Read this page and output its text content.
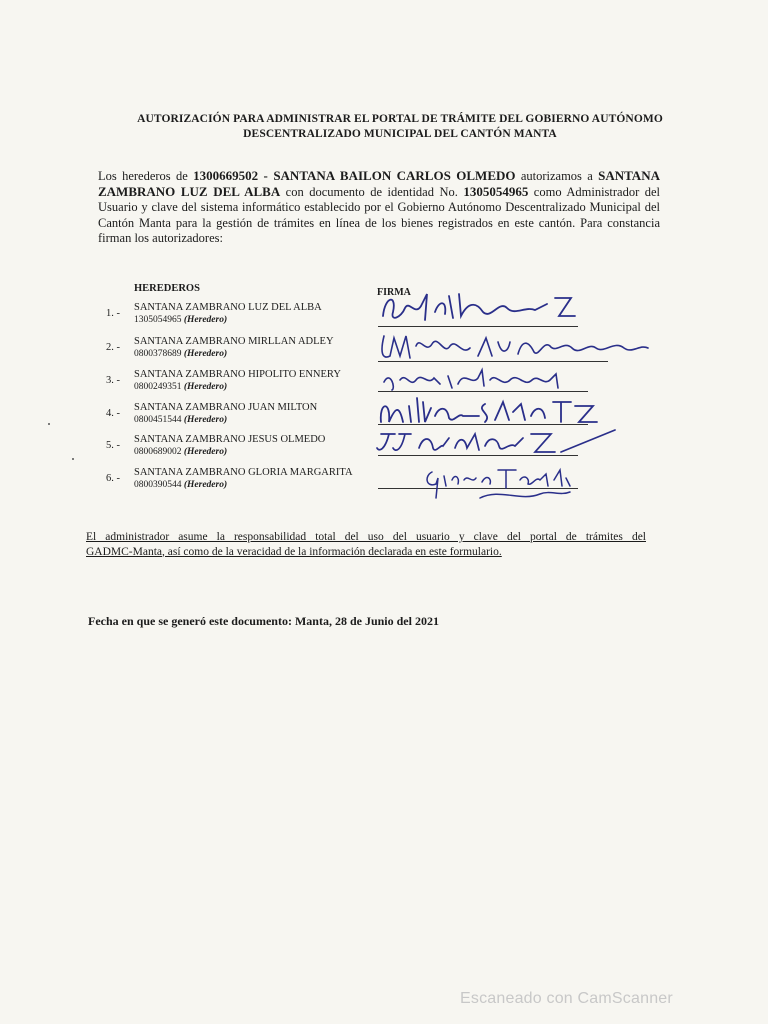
AUTORIZACIÓN PARA ADMINISTRAR EL PORTAL DE TRÁMITE DEL GOBIERNO AUTÓNOMO
DESCENTRALIZADO MUNICIPAL DEL CANTÓN MANTA
Los herederos de 1300669502 - SANTANA BAILON CARLOS OLMEDO autorizamos a SANTANA ZAMBRANO LUZ DEL ALBA con documento de identidad No. 1305054965 como Administrador del Usuario y clave del sistema informático establecido por el Gobierno Autónomo Descentralizado Municipal del Cantón Manta para la gestión de trámites en línea de los bienes registrados en este cantón. Para constancia firman los autorizadores:
HEREDEROS	FIRMA
1. -
SANTANA ZAMBRANO LUZ DEL ALBA
1305054965 (Heredero)
2. -
SANTANA ZAMBRANO MIRLLAN ADLEY
0800378689 (Heredero)
3. -
SANTANA ZAMBRANO HIPOLITO ENNERY
0800249351 (Heredero)
4. -
SANTANA ZAMBRANO JUAN MILTON
0800451544 (Heredero)
5. -
SANTANA ZAMBRANO JESUS OLMEDO
0800689002 (Heredero)
6. -
SANTANA ZAMBRANO GLORIA MARGARITA
0800390544 (Heredero)
El administrador asume la responsabilidad total del uso del usuario y clave del portal de trámites del
GADMC-Manta, así como de la veracidad de la información declarada en este formulario.
Fecha en que se generó este documento: Manta, 28 de Junio del 2021
Escaneado con CamScanner
